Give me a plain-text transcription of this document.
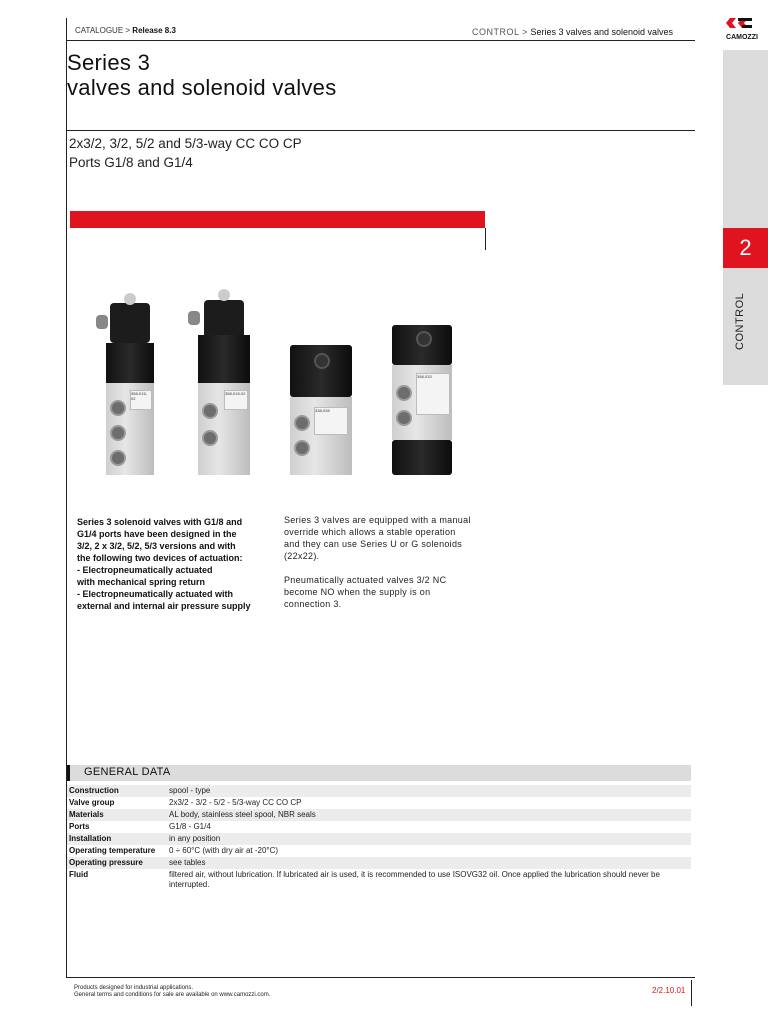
CATALOGUE > Release 8.3	CONTROL > Series 3 valves and solenoid valves
CAMOZZI
2
CONTROL
Series 3
valves and solenoid valves
2x3/2, 3/2, 5/2 and 5/3-way CC CO CP
Ports G1/8 and G1/4
358-015-02
358-015-02
338-035
358-033
Series 3 solenoid valves with G1/8 and
G1/4 ports have been designed in the
3/2, 2 x 3/2, 5/2, 5/3 versions and with
the following two devices of actuation:
- Electropneumatically actuated
with mechanical spring return
- Electropneumatically actuated with
external and internal air pressure supply

Series 3 valves are equipped with a manual override which allows a stable operation and they can use Series U or G solenoids (22x22).

Pneumatically actuated valves 3/2 NC become NO when the supply is on connection 3.

GENERAL DATA
Construction	spool - type
Valve group	2x3/2 - 3/2 - 5/2 - 5/3-way CC CO CP
Materials	AL body, stainless steel spool, NBR seals
Ports	G1/8 - G1/4
Installation	in any position
Operating temperature	0 ÷ 60°C (with dry air at -20°C)
Operating pressure	see tables
Fluid	filtered air, without lubrication. If lubricated air is used, it is recommended to use ISOVG32 oil. Once applied the lubrication should never be interrupted.
Products designed for industrial applications.
General terms and conditions for sale are available on www.camozzi.com.	2/2.10.01
